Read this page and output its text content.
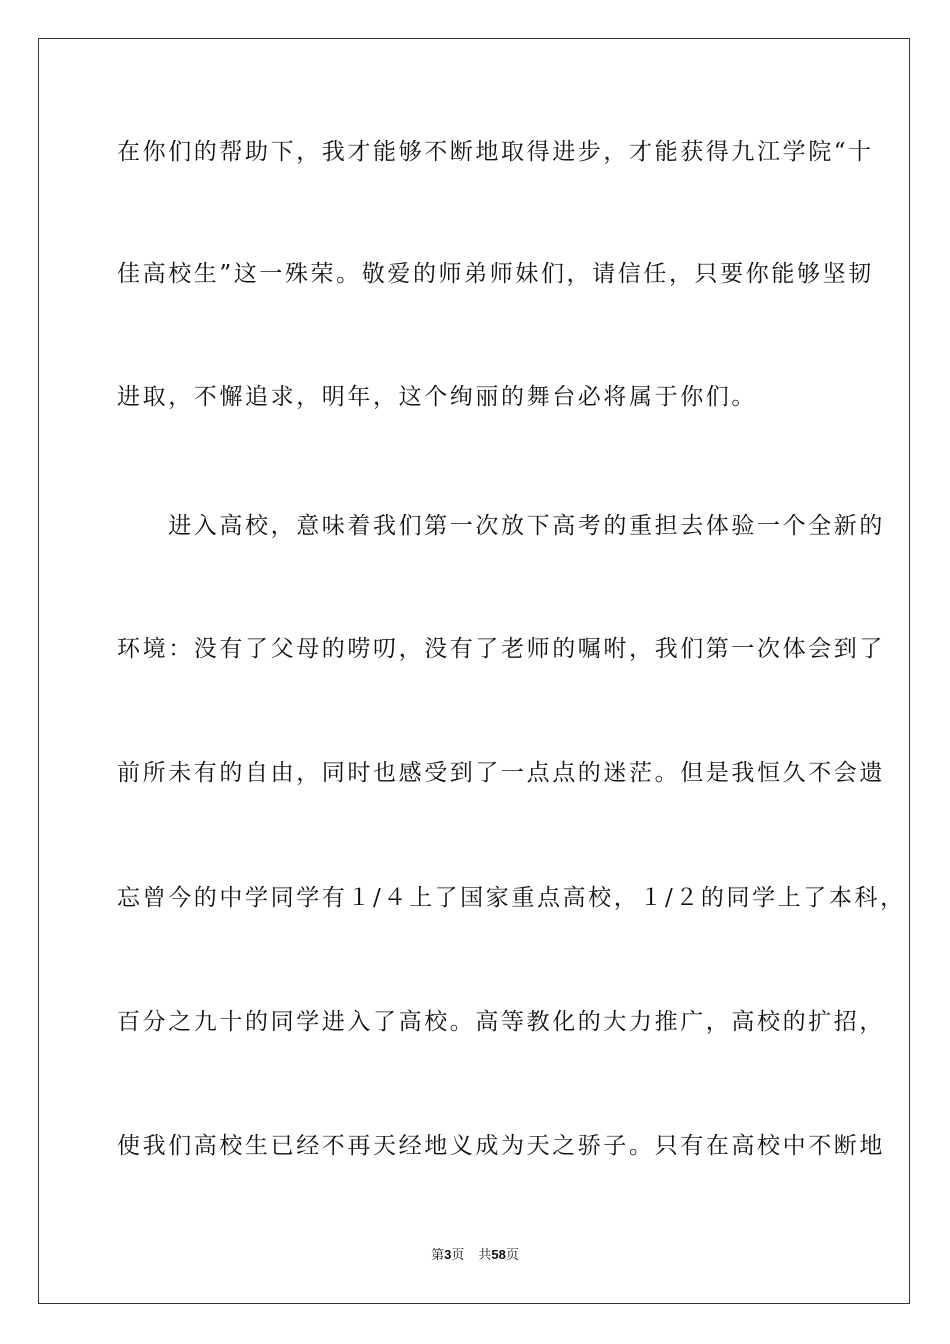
在你们的帮助下，我才能够不断地取得进步，才能获得九江学院“十
佳高校生”这一殊荣。敬爱的师弟师妹们，请信任，只要你能够坚韧
进取，不懈追求，明年，这个绚丽的舞台必将属于你们。
　　进入高校，意味着我们第一次放下高考的重担去体验一个全新的
环境：没有了父母的唠叨，没有了老师的嘱咐，我们第一次体会到了
前所未有的自由，同时也感受到了一点点的迷茫。但是我恒久不会遗
忘曾今的中学同学有１/４上了国家重点高校，１/２的同学上了本科，
百分之九十的同学进入了高校。高等教化的大力推广，高校的扩招，
使我们高校生已经不再天经地义成为天之骄子。只有在高校中不断地
第3页 共58页
